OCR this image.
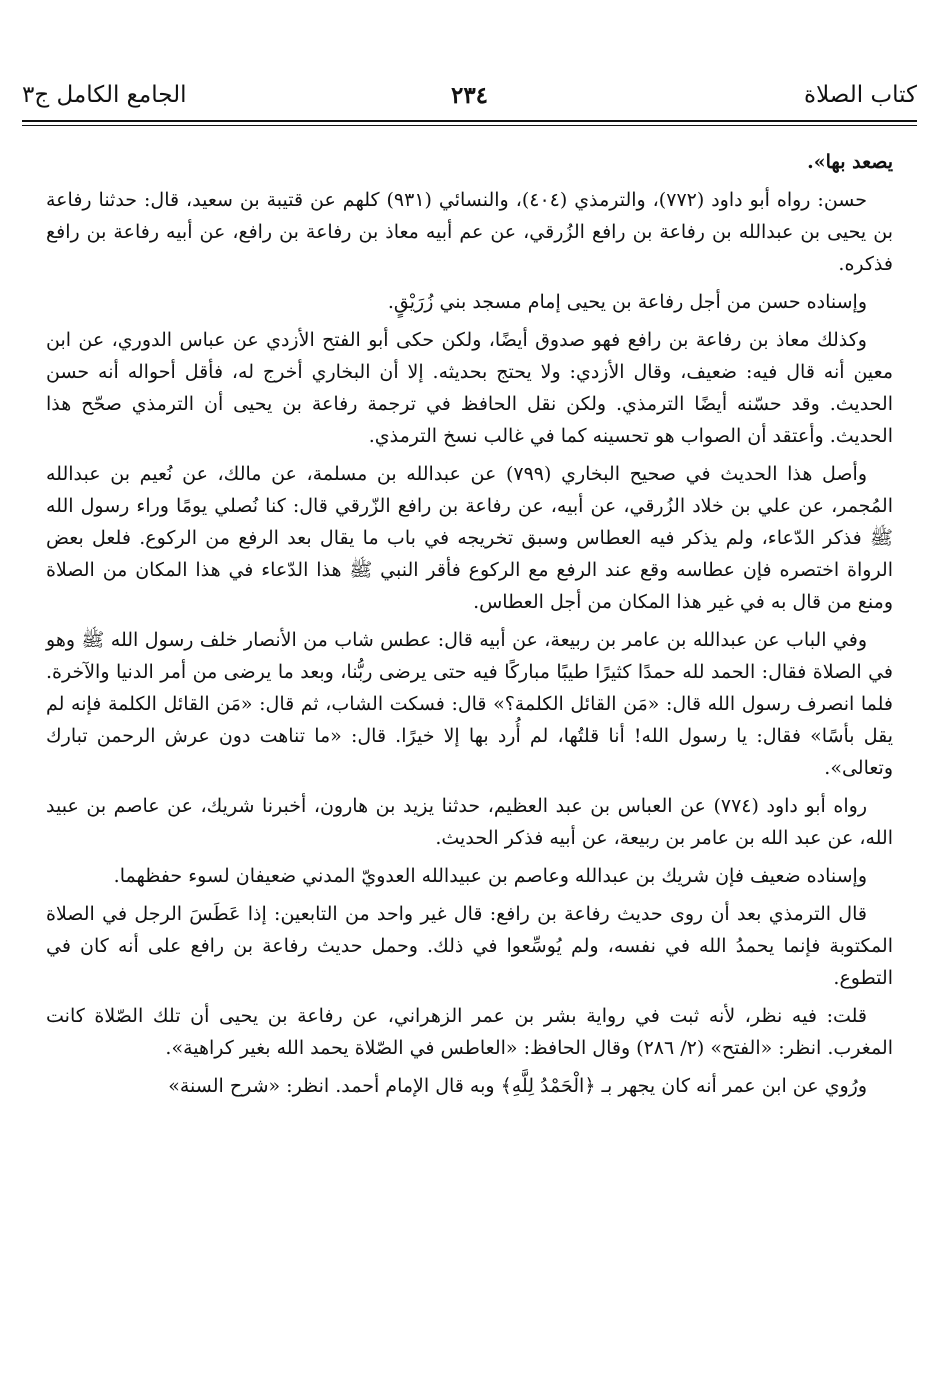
كتاب الصلاة
٢٣٤
الجامع الكامل ج٣

يصعد بها».

حسن: رواه أبو داود (٧٧٢)، والترمذي (٤٠٤)، والنسائي (٩٣١) كلهم عن قتيبة بن سعيد، قال: حدثنا رفاعة بن يحيى بن عبدالله بن رفاعة بن رافع الزُرقي، عن عم أبيه معاذ بن رفاعة بن رافع، عن أبيه رفاعة بن رافع فذكره.

وإسناده حسن من أجل رفاعة بن يحيى إمام مسجد بني زُرَيْقٍ.

وكذلك معاذ بن رفاعة بن رافع فهو صدوق أيضًا، ولكن حكى أبو الفتح الأزدي عن عباس الدوري، عن ابن معين أنه قال فيه: ضعيف، وقال الأزدي: ولا يحتج بحديثه. إلا أن البخاري أخرج له، فأقل أحواله أنه حسن الحديث. وقد حسّنه أيضًا الترمذي. ولكن نقل الحافظ في ترجمة رفاعة بن يحيى أن الترمذي صحّح هذا الحديث. وأعتقد أن الصواب هو تحسينه كما في غالب نسخ الترمذي.

وأصل هذا الحديث في صحيح البخاري (٧٩٩) عن عبدالله بن مسلمة، عن مالك، عن نُعيم بن عبدالله المُجمر، عن علي بن خلاد الزُرقي، عن أبيه، عن رفاعة بن رافع الزّرقي قال: كنا نُصلي يومًا وراء رسول الله ﷺ فذكر الدّعاء، ولم يذكر فيه العطاس وسبق تخريجه في باب ما يقال بعد الرفع من الركوع. فلعل بعض الرواة اختصره فإن عطاسه وقع عند الرفع مع الركوع فأقر النبي ﷺ هذا الدّعاء في هذا المكان من الصلاة ومنع من قال به في غير هذا المكان من أجل العطاس.

وفي الباب عن عبدالله بن عامر بن ربيعة، عن أبيه قال: عطس شاب من الأنصار خلف رسول الله ﷺ وهو في الصلاة فقال: الحمد لله حمدًا كثيرًا طيبًا مباركًا فيه حتى يرضى ربُّنا، وبعد ما يرضى من أمر الدنيا والآخرة. فلما انصرف رسول الله قال: «مَن القائل الكلمة؟» قال: فسكت الشاب، ثم قال: «مَن القائل الكلمة فإنه لم يقل بأسًا» فقال: يا رسول الله! أنا قلتُها، لم أُرد بها إلا خيرًا. قال: «ما تناهت دون عرش الرحمن تبارك وتعالى».

رواه أبو داود (٧٧٤) عن العباس بن عبد العظيم، حدثنا يزيد بن هارون، أخبرنا شريك، عن عاصم بن عبيد الله، عن عبد الله بن عامر بن ربيعة، عن أبيه فذكر الحديث.

وإسناده ضعيف فإن شريك بن عبدالله وعاصم بن عبيدالله العدويّ المدني ضعيفان لسوء حفظهما.

قال الترمذي بعد أن روى حديث رفاعة بن رافع: قال غير واحد من التابعين: إذا عَطَسَ الرجل في الصلاة المكتوبة فإنما يحمدُ الله في نفسه، ولم يُوسِّعوا في ذلك. وحمل حديث رفاعة بن رافع على أنه كان في التطوع.

قلت: فيه نظر، لأنه ثبت في رواية بشر بن عمر الزهراني، عن رفاعة بن يحيى أن تلك الصّلاة كانت المغرب. انظر: «الفتح» (٢/ ٢٨٦) وقال الحافظ: «العاطس في الصّلاة يحمد الله بغير كراهية».

ورُوي عن ابن عمر أنه كان يجهر بـ ﴿الْحَمْدُ لِلَّهِ﴾ وبه قال الإمام أحمد. انظر: «شرح السنة»
